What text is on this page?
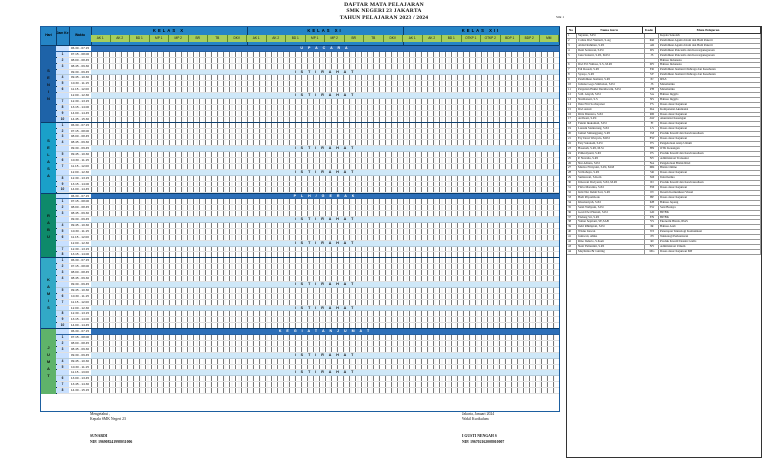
DAFTAR MATA PELAJARAN
SMK NEGERI 23 JAKARTA
TAHUN PELAJARAN 2023 / 2024	Smt 1
Hari	Jam Ke	Waktu
KELAS X
AK 1	AK 2	BD 1	MP 1	MP 2	BR	TB	DKV
KELAS XI
AK 1	AK 2	BD 1	MP 1	MP 2	BR	TB	DKV
KELAS XII
AK 1	AK 2	BD 1	OTKP 1	OTKP 2	BDP 1	BDP 2	MM
S
E
N
I
N
06.30 - 07.15	U P A C A R A
1	07.15 - 08.00
2	08.00 - 08.45
3	08.45 - 09.30
09.30 - 09.45	I S T I R A H A T
4	09.45 - 10.30
5	10.30 - 11.15
6	11.15 - 12.00
12.00 - 12.30	I S T I R A H A T
7	12.30 - 13.15
8	13.15 - 14.00
9	14.00 - 14.45
10	14.45 - 15.30
S
E
L
A
S
A
1	06.30 - 07.15
2	07.15 - 08.00
3	08.00 - 08.45
4	08.45 - 09.30
09.30 - 09.45	I S T I R A H A T
5	09.45 - 10.30
6	10.30 - 11.15
7	11.15 - 12.00
12.00 - 12.30	I S T I R A H A T
8	12.30 - 13.15
9	13.15 - 14.00
10	14.00 - 14.45
R
A
B
U
06.30 - 07.15	P L H / G E R A K
1	07.15 - 08.00
2	08.00 - 08.45
3	08.45 - 09.30
09.30 - 09.45	I S T I R A H A T
4	09.45 - 10.30
5	10.30 - 11.15
6	11.15 - 12.00
12.00 - 12.30	I S T I R A H A T
7	12.30 - 13.15
8	13.15 - 14.00
K
A
M
I
S
1	06.30 - 07.15
2	07.15 - 08.00
3	08.00 - 08.45
4	08.45 - 09.30
09.30 - 09.45	I S T I R A H A T
5	09.45 - 10.30
6	10.30 - 11.15
7	11.15 - 12.00
12.00 - 12.30	I S T I R A H A T
8	12.30 - 13.15
9	13.15 - 14.00
10	14.00 - 14.45
J
U
M
A
T
06.30 - 07.15	K E G I A T A N J U M A T
1	07.15 - 08.00
2	08.00 - 08.45
3	08.45 - 09.30
09.30 - 09.45	I S T I R A H A T
4	09.45 - 10.30
5	10.30 - 11.15
11.15 - 13.00	I S T I R A H A T
6	13.00 - 13.45
7	13.45 - 14.30
8	14.30 - 15.15
No	Nama Guru	Kode	Mata Pelajaran
1	Suyanto, S.Pd	Kepala Sekolah
2	Colina Dwi Yuniarti, S.Ag	PAI	Pendidikan Agama Islam dan Budi Pekerti
3	Abdul Rahman, S.Pd	AR	Pendidikan Agama Islam dan Budi Pekerti
4	Deni Setiawan, S.Pd	DS	Pendidikan Pancasila dan Kewarganegaraan
5	Janu Sulastri, S.Pd, M.Pd	JS	Pendidikan Pancasila dan Kewarganegaraan
Bahasa Indonesia
6	Dwi Evi Yulissa, S.S, M.Pd	DY	Bahasa Indonesia
7	Edi Rosadi, S.Pd	ER	Pendidikan Jasmani Olahraga dan Kesehatan
8	Syarqo, S.Pd	SY	Pendidikan Jasmani Olahraga dan Kesehatan
9	Pendidikan Jasmani, S.Pd	PJ	IPAS
10	Juliana Gogo Simbolon, S.Pd	JS	Matematika
11	Panjaitan Hakki Darahwarni, S.Pd	PH	Matematika
12	S.M. Aisyah, S.Pd	SA	Bahasa Inggris
13	Nurdiatsari, S.S	NS	Bahasa Inggris
14	Ibnu Fitri Sochayanet	FS	Dasar-dasar Kejuruan
15	Dwi Astuti	DA	Kompetensi Akuntansi
16	Riris Diantara, S.Pd	RD	Dasar-dasar Kejuruan
17	Ardiwati, S.Pd	AW	Akuntansi Keuangan
18	Fakrin Ikakamoh, S.Pd	FI	Dasar-dasar Kejuruan
19	Lusiani Sianturang, S.Pd	LS	Dasar-dasar Kejuruan
20	Jamari Simanggung, S.Pd	JM	Produk Kreatif dan Kewirausahaan
21	Ery Dewi Wuryola, M.Pd	EW	Dasar-dasar Kejuruan
22	Esty Sutanadi, S.Pd	ES	Pengelolaan Arsip Umum
23	Hasanah, S.Pd, M.Si	HN	OTK Keuangan
24	Prihestiyanti, S.Pd	PS	Produk Kreatif dan Kewirausahaan
25	P. Nuvalia, S.Pd	NV	Administrasi Transaksi
26	Nur Adiana, S.Pd	NA	Pengelolaan Bisnis Ritel
27	Mariza Fitriyanti, S.Pd, M.M	MR	Bisnis Online
28	Sri Rahayu, S.Pd	SR	Dasar-dasar Kejuruan
29	Sumiawati, S.Kom	SM	Informatika
30	Irmawati Dwiyanti, S.Pd, M.Pd	ID	Produk Kreatif dan Kewirausahaan
31	Fitria Marsinta, S.Pd	FM	Dasar-dasar Kejuruan
32	Ismi Nur Indah Sari, S.Pd	IN	Desain Komunikasi Visual
33	Budi Pripambodo	BP	Dasar-dasar Kejuruan
34	Khomariyah, S.Pd	KH	Bahasa Jepang
35	Santi Wahyuni, S.Pd	SW	Seni Budaya
36	Gesti Dwi Hastuti, S.Pd	GD	BP/BK
37	Endang Sri, S.Pd	EN	BP/BK
38	Yohan Septiani, SE,SAB	YS	Ekonomi Bisnis, IPAS
39	Indri Rhimpiati, S.Pd	IR	Bahasa Arab
40	Wisnu Irawan	WI	Penerapan Teknologi Komunikasi
41	Juniwati, Ahlus	JN	Teknologi Perkantoran
42	Rino Indarto, S.Kom	RI	Produk Kreatif Desain Grafis
43	Neni Yuliantini, S.Pd	NY	Administrasi Umum
44	Meylinnia Br Ginting	MG	Dasar-dasar Kejuruan MP
Mengetahui ,
Kepala SMK Negeri 23
SUNARDI
NIP. 196908241998031006
Jakarta, Januari 2024
Wakil Kurikulum
I GUSTI NENGAH S
NIP. 196702162008010007
